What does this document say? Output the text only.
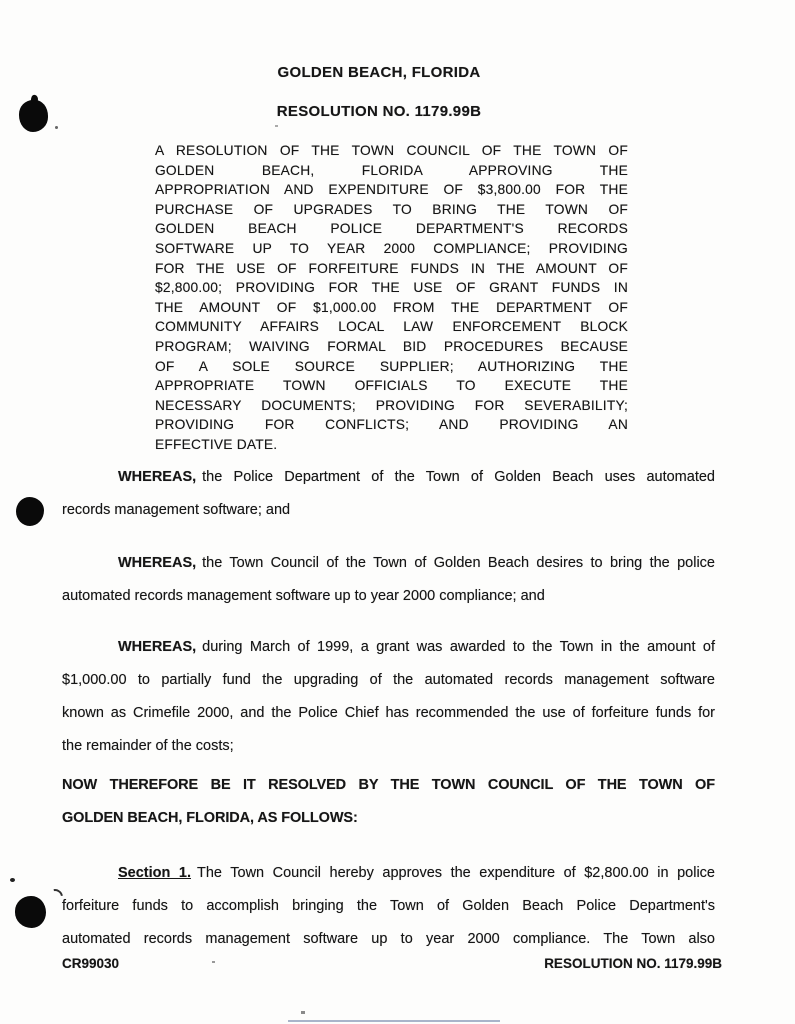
GOLDEN BEACH, FLORIDA
RESOLUTION NO. 1179.99B
A RESOLUTION OF THE TOWN COUNCIL OF THE TOWN OF
GOLDEN BEACH, FLORIDA APPROVING THE
APPROPRIATION AND EXPENDITURE OF $3,800.00 FOR THE
PURCHASE OF UPGRADES TO BRING THE TOWN OF
GOLDEN BEACH POLICE DEPARTMENT'S RECORDS
SOFTWARE UP TO YEAR 2000 COMPLIANCE; PROVIDING
FOR THE USE OF FORFEITURE FUNDS IN THE AMOUNT OF
$2,800.00; PROVIDING FOR THE USE OF GRANT FUNDS IN
THE AMOUNT OF $1,000.00 FROM THE DEPARTMENT OF
COMMUNITY AFFAIRS LOCAL LAW ENFORCEMENT BLOCK
PROGRAM; WAIVING FORMAL BID PROCEDURES BECAUSE
OF A SOLE SOURCE SUPPLIER; AUTHORIZING THE
APPROPRIATE TOWN OFFICIALS TO EXECUTE THE
NECESSARY DOCUMENTS; PROVIDING FOR SEVERABILITY;
PROVIDING FOR CONFLICTS; AND PROVIDING AN
EFFECTIVE DATE.
WHEREAS, the Police Department of the Town of Golden Beach uses automated
records management software; and
WHEREAS, the Town Council of the Town of Golden Beach desires to bring the police
automated records management software up to year 2000 compliance; and
WHEREAS, during March of 1999, a grant was awarded to the Town in the amount of
$1,000.00 to partially fund the upgrading of the automated records management software
known as Crimefile 2000, and the Police Chief has recommended the use of forfeiture funds for
the remainder of the costs;
NOW THEREFORE BE IT RESOLVED BY THE TOWN COUNCIL OF THE TOWN OF
GOLDEN BEACH, FLORIDA, AS FOLLOWS:
Section 1. The Town Council hereby approves the expenditure of $2,800.00 in police
forfeiture funds to accomplish bringing the Town of Golden Beach Police Department's
automated records management software up to year 2000 compliance. The Town also
CR99030	RESOLUTION NO. 1179.99B
